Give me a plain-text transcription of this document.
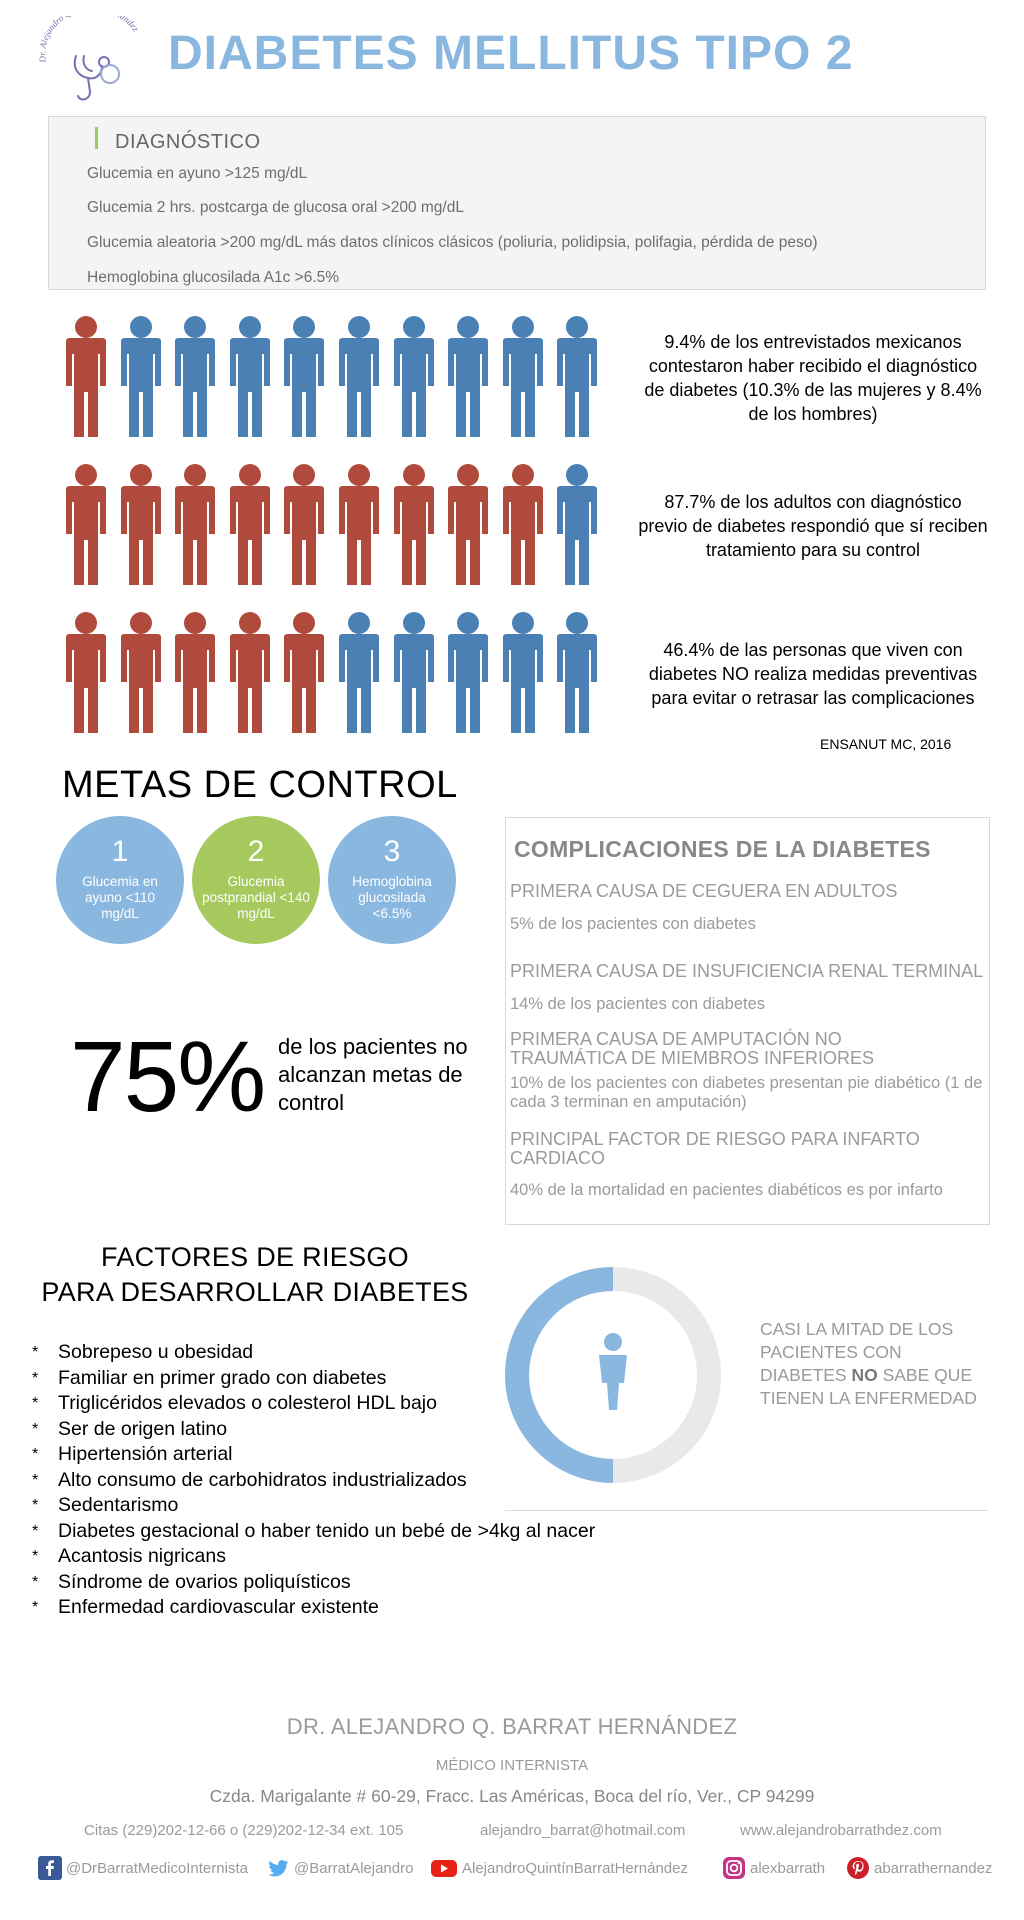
Dr. Alejandro ández DIABETES MELLITUS TIPO 2
DIAGNÓSTICO
Glucemia en ayuno >125 mg/dL
Glucemia 2 hrs. postcarga de glucosa oral >200 mg/dL
Glucemia aleatoria >200 mg/dL más datos clínicos clásicos (poliuria, polidipsia, polifagia, pérdida de peso)
Hemoglobina glucosilada A1c >6.5%
9.4% de los entrevistados mexicanos contestaron haber recibido el diagnóstico de diabetes (10.3% de las mujeres y 8.4% de los hombres)
87.7% de los adultos con diagnóstico previo de diabetes respondió que sí reciben tratamiento para su control
46.4% de las personas que viven con diabetes NO realiza medidas preventivas para evitar o retrasar las complicaciones
ENSANUT MC, 2016
METAS DE CONTROL
1
Glucemia en ayuno <110 mg/dL
2
Glucemia postprandial <140 mg/dL
3
Hemoglobina glucosilada <6.5%
75% de los pacientes no alcanzan metas de control
COMPLICACIONES DE LA DIABETES
PRIMERA CAUSA DE CEGUERA EN ADULTOS
5% de los pacientes con diabetes
PRIMERA CAUSA DE INSUFICIENCIA RENAL TERMINAL
14% de los pacientes con diabetes
PRIMERA CAUSA DE AMPUTACIÓN NO TRAUMÁTICA DE MIEMBROS INFERIORES
10% de los pacientes con diabetes presentan pie diabético (1 de cada 3 terminan en amputación)
PRINCIPAL FACTOR DE RIESGO PARA INFARTO CARDIACO
40% de la mortalidad en pacientes diabéticos es por infarto
FACTORES DE RIESGO
PARA DESARROLLAR DIABETES
* Sobrepeso u obesidad
* Familiar en primer grado con diabetes
* Triglicéridos elevados o colesterol HDL bajo
* Ser de origen latino
* Hipertensión arterial
* Alto consumo de carbohidratos industrializados
* Sedentarismo
* Diabetes gestacional o haber tenido un bebé de >4kg al nacer
* Acantosis nigricans
* Síndrome de ovarios poliquísticos
* Enfermedad cardiovascular existente
CASI LA MITAD DE LOS PACIENTES CON DIABETES NO SABE QUE TIENEN LA ENFERMEDAD
DR. ALEJANDRO Q. BARRAT HERNÁNDEZ
MÉDICO INTERNISTA
Czda. Marigalante # 60-29, Fracc. Las Américas, Boca del río, Ver., CP 94299
Citas (229)202-12-66 o (229)202-12-34 ext. 105	alejandro_barrat@hotmail.com	www.alejandrobarrathdez.com
@DrBarratMedicoInternista	@BarratAlejandro	AlejandroQuintínBarratHernández	alexbarrath	abarrathernandez
